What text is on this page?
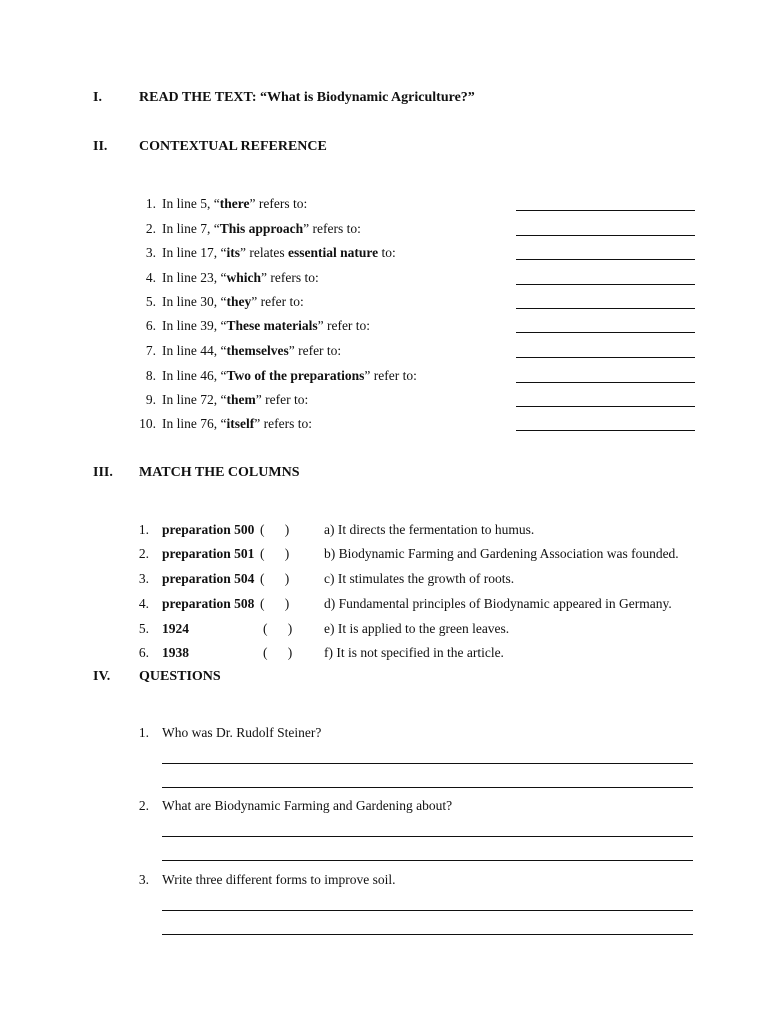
I.	READ THE TEXT: “What is Biodynamic Agriculture?”
II. CONTEXTUAL REFERENCE
1. In line 5, “there” refers to:
2. In line 7, “This approach” refers to:
3. In line 17, “its” relates essential nature to:
4. In line 23, “which” refers to:
5. In line 30, “they” refer to:
6. In line 39, “These materials” refer to:
7. In line 44, “themselves” refer to:
8. In line 46, “Two of the preparations” refer to:
9. In line 72, “them” refer to:
10. In line 76, “itself” refers to:
III. MATCH THE COLUMNS
1. preparation 500 (      )	a) It directs the fermentation to humus.
2. preparation 501 (      )	b) Biodynamic Farming and Gardening Association was founded.
3. preparation 504 (      )	c) It stimulates the growth of roots.
4. preparation 508 (      )	d) Fundamental principles of Biodynamic appeared in Germany.
5. 1924	(      ) e) It is applied to the green leaves.
6. 1938	(      ) f) It is not specified in the article.
IV. QUESTIONS
1. Who was Dr. Rudolf Steiner?
2. What are Biodynamic Farming and Gardening about?
3. Write three different forms to improve soil.
